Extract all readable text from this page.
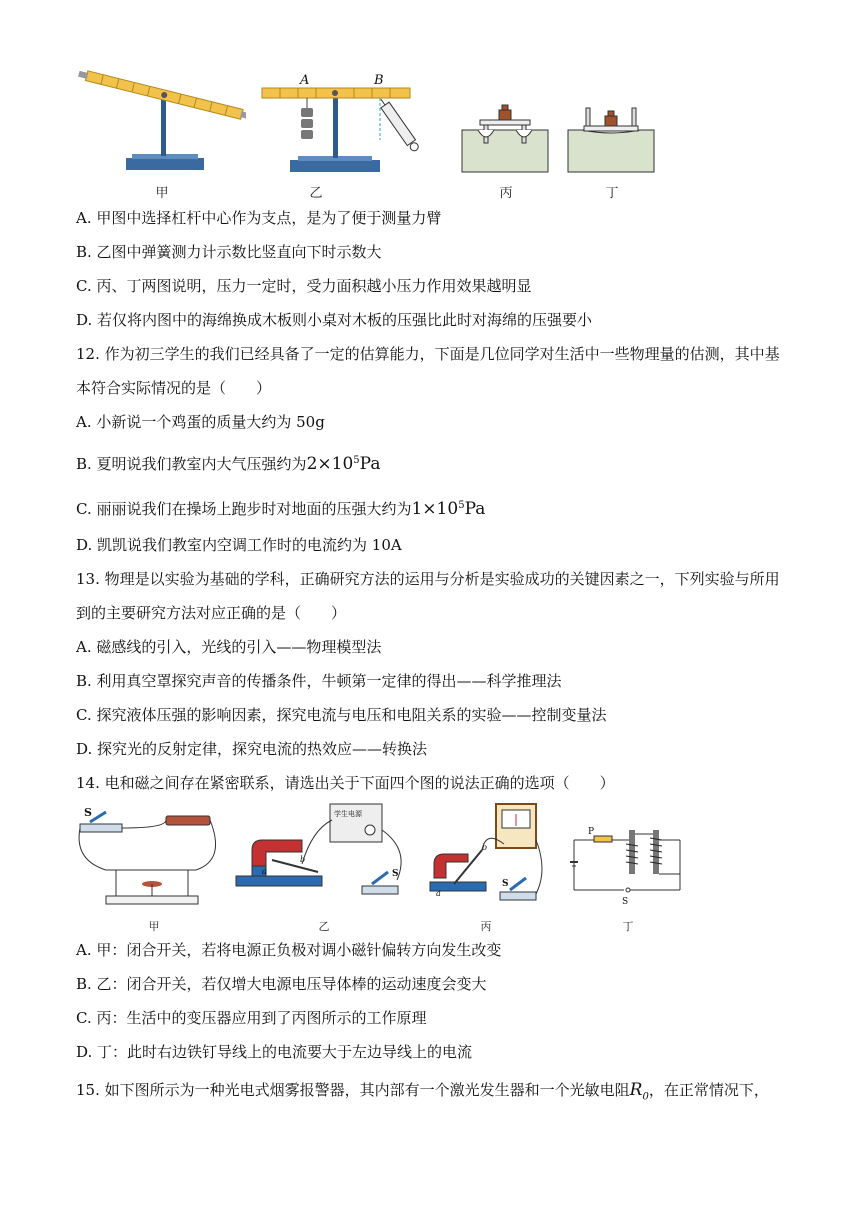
甲
A	B
乙	丙	丁
A. 甲图中选择杠杆中心作为支点，是为了便于测量力臂
B. 乙图中弹簧测力计示数比竖直向下时示数大
C. 丙、丁两图说明，压力一定时，受力面积越小压力作用效果越明显
D. 若仅将内图中的海绵换成木板则小桌对木板的压强比此时对海绵的压强要小
12. 作为初三学生的我们已经具备了一定的估算能力，下面是几位同学对生活中一些物理量的估测，其中基
本符合实际情况的是（　　）
A. 小新说一个鸡蛋的质量大约为 50g
B. 夏明说我们教室内大气压强约为$2\times 10^5Pa$
C. 丽丽说我们在操场上跑步时对地面的压强大约为$1\times 10^5Pa$
D. 凯凯说我们教室内空调工作时的电流约为 10A
13. 物理是以实验为基础的学科，正确研究方法的运用与分析是实验成功的关键因素之一，下列实验与所用
到的主要研究方法对应正确的是（　　）
A. 磁感线的引入，光线的引入——物理模型法
B. 利用真空罩探究声音的传播条件，牛顿第一定律的得出——科学推理法
C. 探究液体压强的影响因素，探究电流与电压和电阻关系的实验——控制变量法
D. 探究光的反射定律，探究电流的热效应——转换法
14. 电和磁之间存在紧密联系，请选出关于下面四个图的说法正确的选项（　　）
S
甲
学生电源
a
b
S
乙
a
b
S
丙
P
S
丁
A. 甲：闭合开关，若将电源正负极对调小磁针偏转方向发生改变
B. 乙：闭合开关，若仅增大电源电压导体棒的运动速度会变大
C. 丙：生活中的变压器应用到了丙图所示的工作原理
D. 丁：此时右边铁钉导线上的电流要大于左边导线上的电流
15. 如下图所示为一种光电式烟雾报警器，其内部有一个激光发生器和一个光敏电阻$R_0$，在正常情况下，
